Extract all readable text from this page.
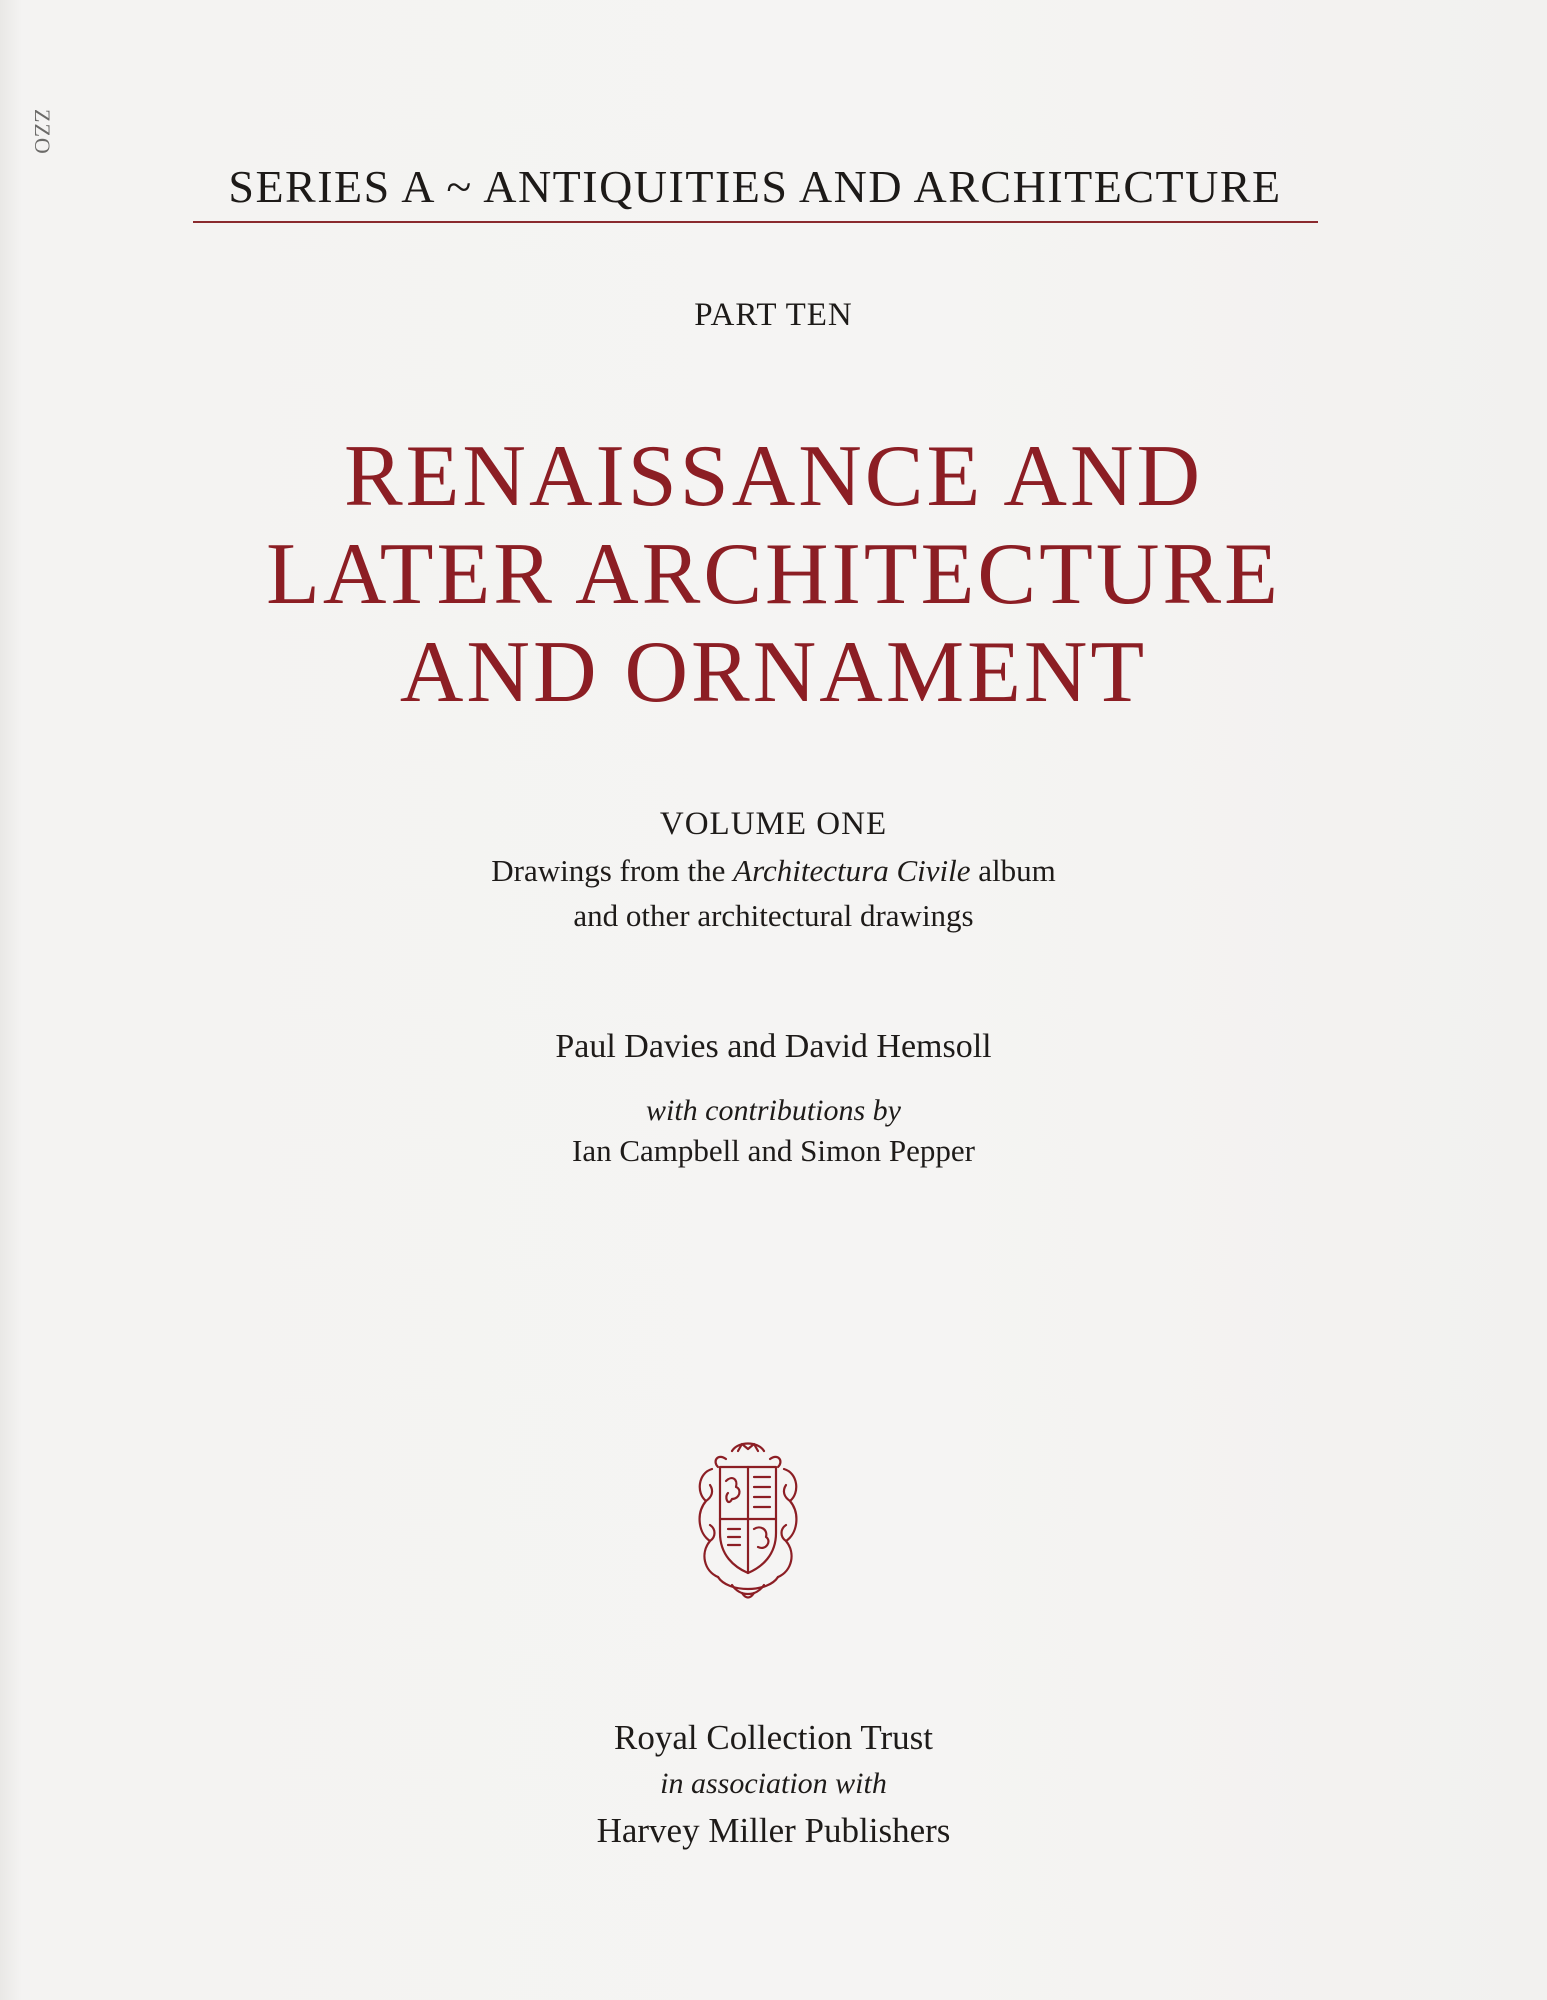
ZZO
SERIES A ~ ANTIQUITIES AND ARCHITECTURE
PART TEN
RENAISSANCE AND
LATER ARCHITECTURE
AND ORNAMENT
VOLUME ONE
Drawings from the Architectura Civile album
and other architectural drawings
Paul Davies and David Hemsoll
with contributions by
Ian Campbell and Simon Pepper
Royal Collection Trust
in association with
Harvey Miller Publishers
